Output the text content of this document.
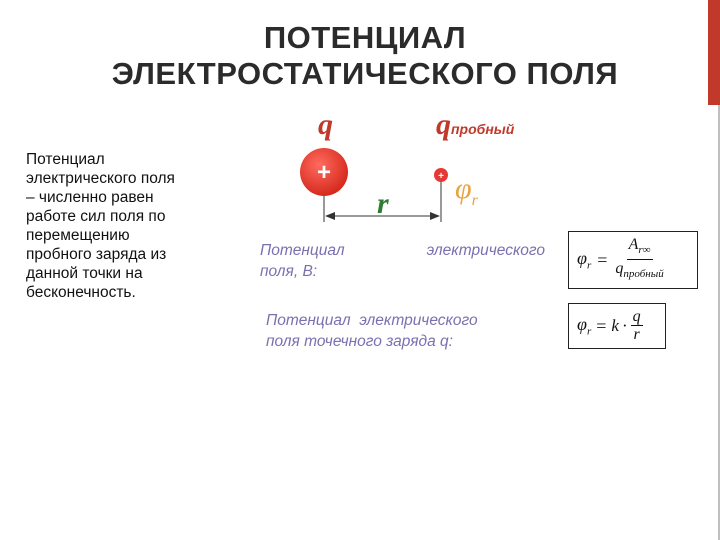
ПОТЕНЦИАЛ
ЭЛЕКТРОСТАТИЧЕСКОГО ПОЛЯ
Потенциал
электрического поля
– численно равен
работе сил поля по
перемещению
пробного заряда из
данной точки на
бесконечность.
+	+
q	qпробный
r $\varphi_r$
Потенциал	электрического
поля, В:
Потенциал  электрического
поля точечного заряда q:
$\varphi_r = \frac{A_{r\infty}}{q_{пробный}}$
$\varphi_r = k \cdot \frac{q}{r}$
